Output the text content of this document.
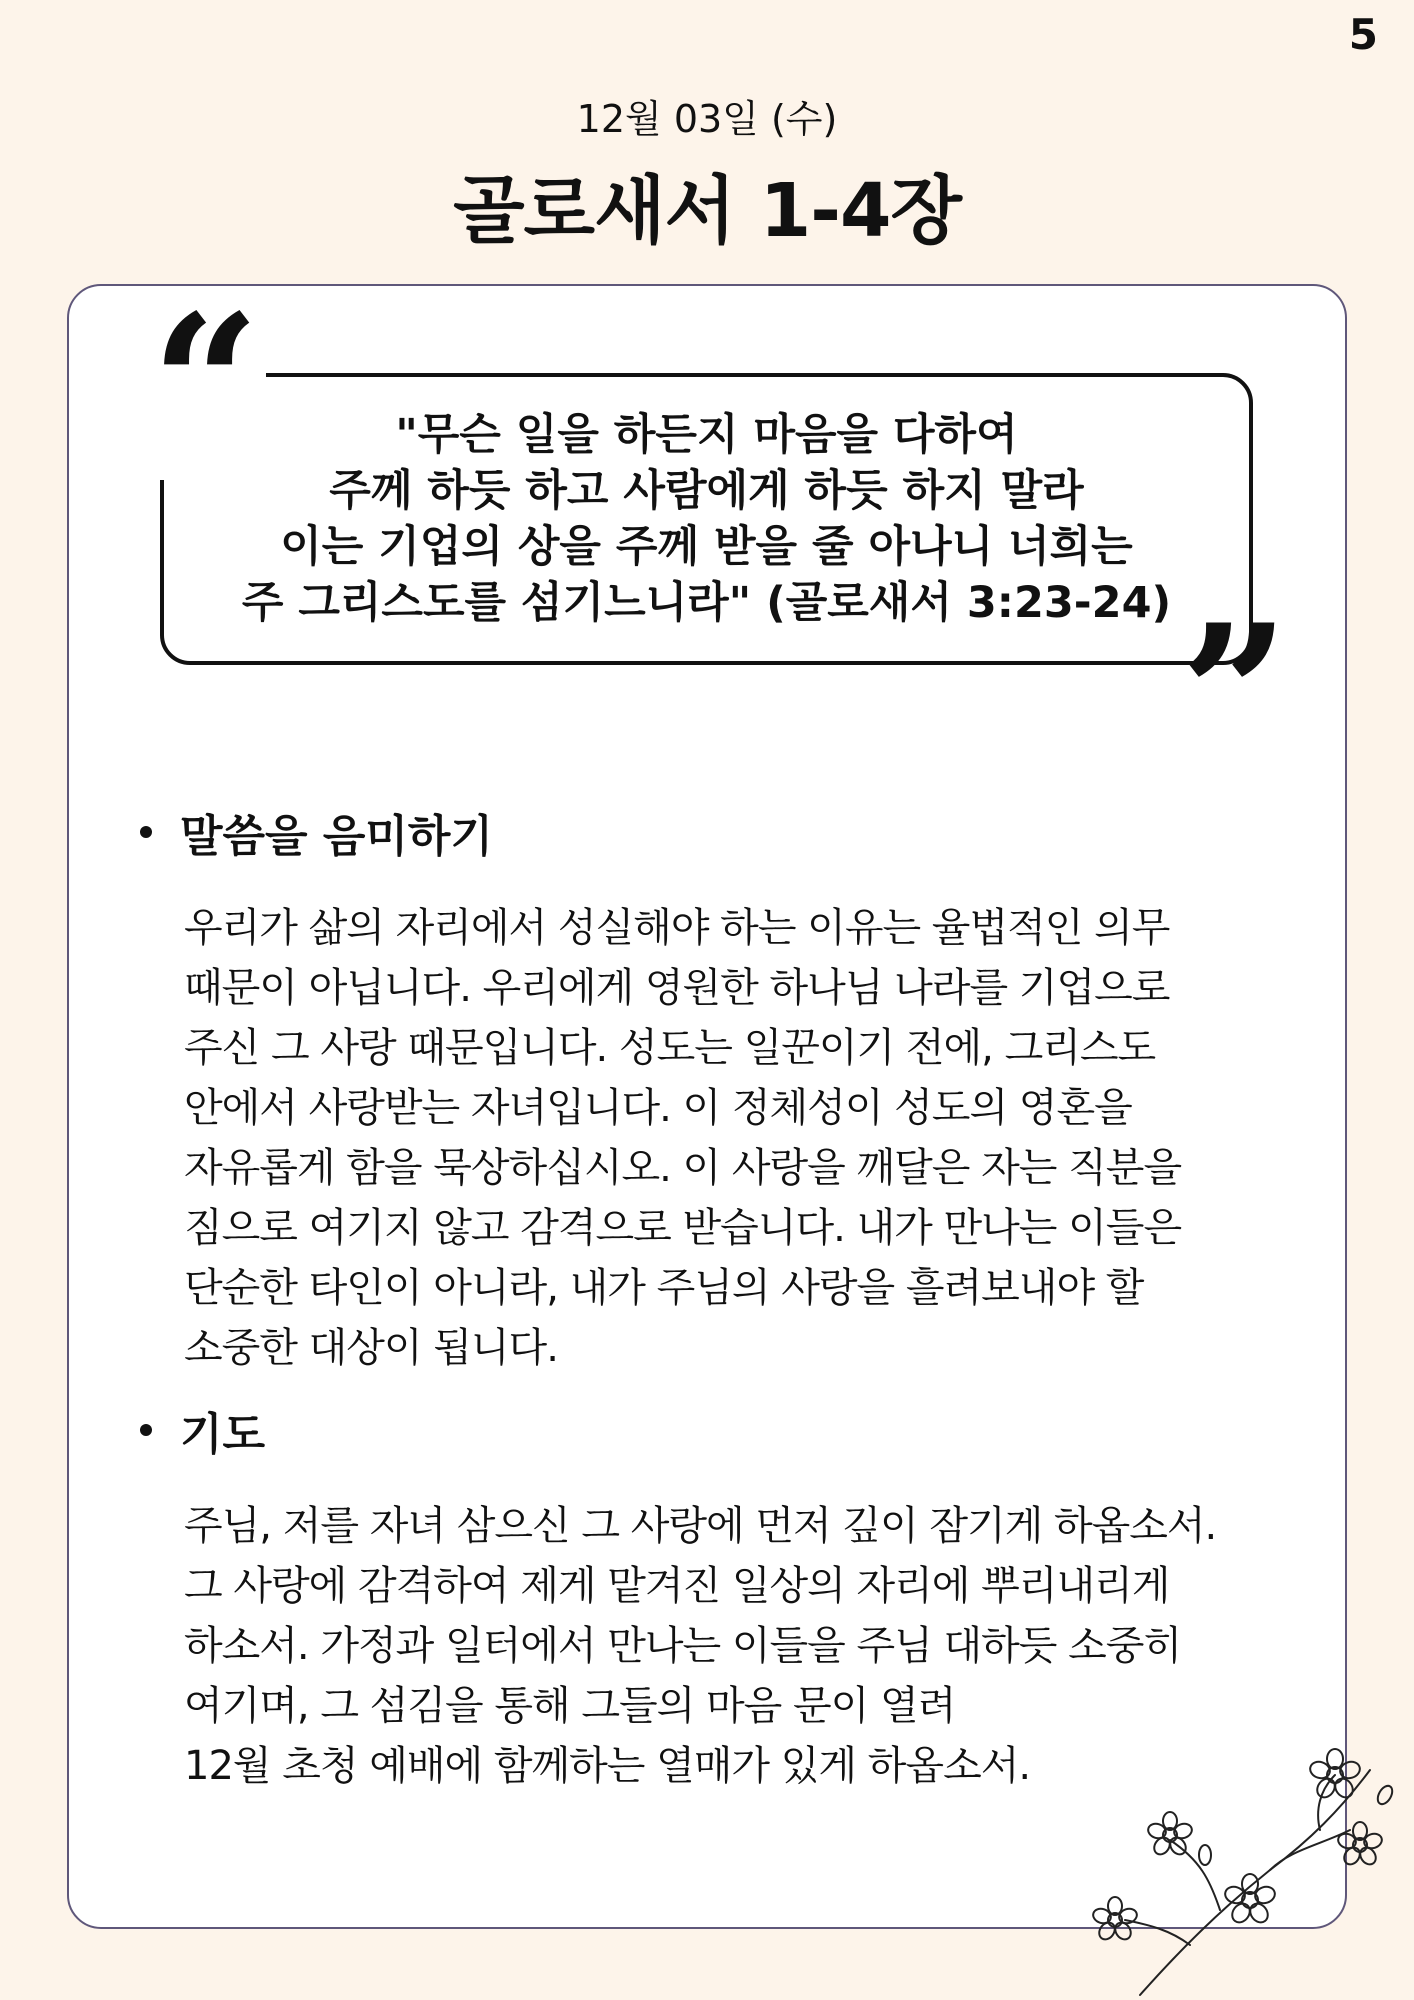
5
12월 03일 (수)
골로새서 1-4장
"무슨 일을 하든지 마음을 다하여
주께 하듯 하고 사람에게 하듯 하지 말라
이는 기업의 상을 주께 받을 줄 아나니 너희는
주 그리스도를 섬기느니라" (골로새서 3:23-24)
“
”
말씀을 음미하기
우리가 삶의 자리에서 성실해야 하는 이유는 율법적인 의무
때문이 아닙니다. 우리에게 영원한 하나님 나라를 기업으로
주신 그 사랑 때문입니다. 성도는 일꾼이기 전에, 그리스도
안에서 사랑받는 자녀입니다. 이 정체성이 성도의 영혼을
자유롭게 함을 묵상하십시오. 이 사랑을 깨달은 자는 직분을
짐으로 여기지 않고 감격으로 받습니다. 내가 만나는 이들은
단순한 타인이 아니라, 내가 주님의 사랑을 흘려보내야 할
소중한 대상이 됩니다.
기도
주님, 저를 자녀 삼으신 그 사랑에 먼저 깊이 잠기게 하옵소서.
그 사랑에 감격하여 제게 맡겨진 일상의 자리에 뿌리내리게
하소서. 가정과 일터에서 만나는 이들을 주님 대하듯 소중히
여기며, 그 섬김을 통해 그들의 마음 문이 열려
12월 초청 예배에 함께하는 열매가 있게 하옵소서.
